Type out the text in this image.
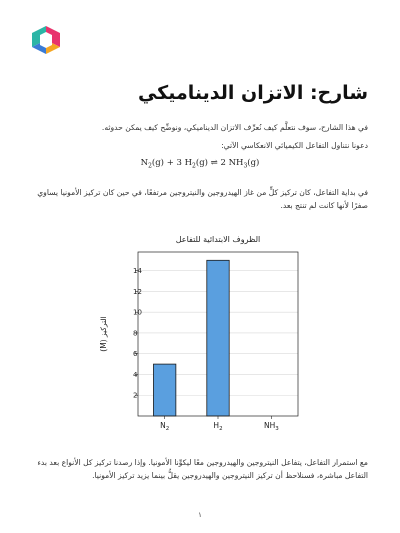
شارح: الاتزان الديناميكي

في هذا الشارح، سوف نتعلَّم كيف نُعرِّف الاتزان الديناميكي، ونوضِّح كيف يمكن حدوثه.

دعونا نتناول التفاعل الكيميائي الانعكاسي الآتي:

$N_2(g) + 3$ $H_2(g)$ ⇌ 2 $NH_3(g)$

في بداية التفاعل، كان تركيز كلٍّ من غاز الهيدروجين والنيتروجين مرتفعًا، في حين كان تركيز الأمونيا يساوي صفرًا لأنها كانت لم تنتج بعد.

الظروف الابتدائية للتفاعل
2
4
6
8
10
12
14
$N_2$	$H_2$	$NH_3$
التركيز (M)

مع استمرار التفاعل، يتفاعل النيتروجين والهيدروجين معًا ليكوِّنا الأمونيا. وإذا رصدنا تركيز كل الأنواع بعد بدء التفاعل مباشرة، فسنلاحظ أن تركيز النيتروجين والهيدروجين يقلُّ بينما يزيد تركيز الأمونيا.

١
